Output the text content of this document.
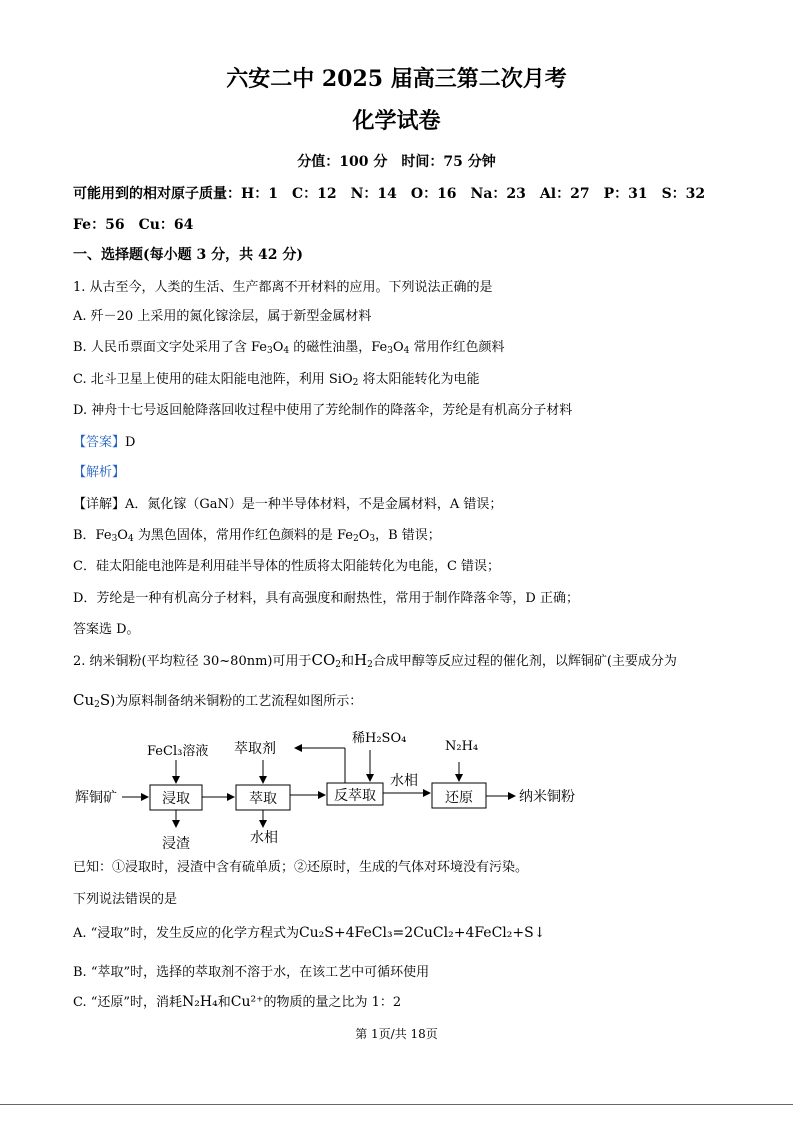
六安二中 2025 届高三第二次月考
化学试卷
分值：100 分　时间：75 分钟
可能用到的相对原子质量：H：1　C：12　N：14　O：16　Na：23　Al：27　P：31　S：32
Fe：56　Cu：64
一、选择题(每小题 3 分，共 42 分)
1. 从古至今，人类的生活、生产都离不开材料的应用。下列说法正确的是
A. 歼－20 上采用的氮化镓涂层，属于新型金属材料
B. 人民币票面文字处采用了含 $Fe_3O_4$ 的磁性油墨，$Fe_3O_4$ 常用作红色颜料
C. 北斗卫星上使用的硅太阳能电池阵，利用 SiO$_2$ 将太阳能转化为电能
D. 神舟十七号返回舱降落回收过程中使用了芳纶制作的降落伞，芳纶是有机高分子材料
【答案】D
【解析】
【详解】A．氮化镓（GaN）是一种半导体材料，不是金属材料，A 错误；
B．$Fe_3O_4$ 为黑色固体，常用作红色颜料的是 $Fe_2O_3$，B 错误；
C．硅太阳能电池阵是利用硅半导体的性质将太阳能转化为电能，C 错误；
D．芳纶是一种有机高分子材料，具有高强度和耐热性，常用于制作降落伞等，D 正确；
答案选 D。
2. 纳米铜粉(平均粒径 30~80nm)可用于$CO_2$和$H_2$合成甲醇等反应过程的催化剂，以辉铜矿(主要成分为
$Cu_2S$)为原料制备纳米铜粉的工艺流程如图所示：
浸取	萃取	反萃取	还原
辉铜矿
FeCl₃溶液
浸渣
萃取剂
水相
稀H₂SO₄
水相
N₂H₄
纳米铜粉
已知：①浸取时，浸渣中含有硫单质；②还原时，生成的气体对环境没有污染。
下列说法错误的是
A. “浸取”时，发生反应的化学方程式为Cu₂S+4FeCl₃=2CuCl₂+4FeCl₂+S↓
B. “萃取”时，选择的萃取剂不溶于水，在该工艺中可循环使用
C. “还原”时，消耗N₂H₄和Cu²⁺的物质的量之比为 1：2
第 1页/共 18页
